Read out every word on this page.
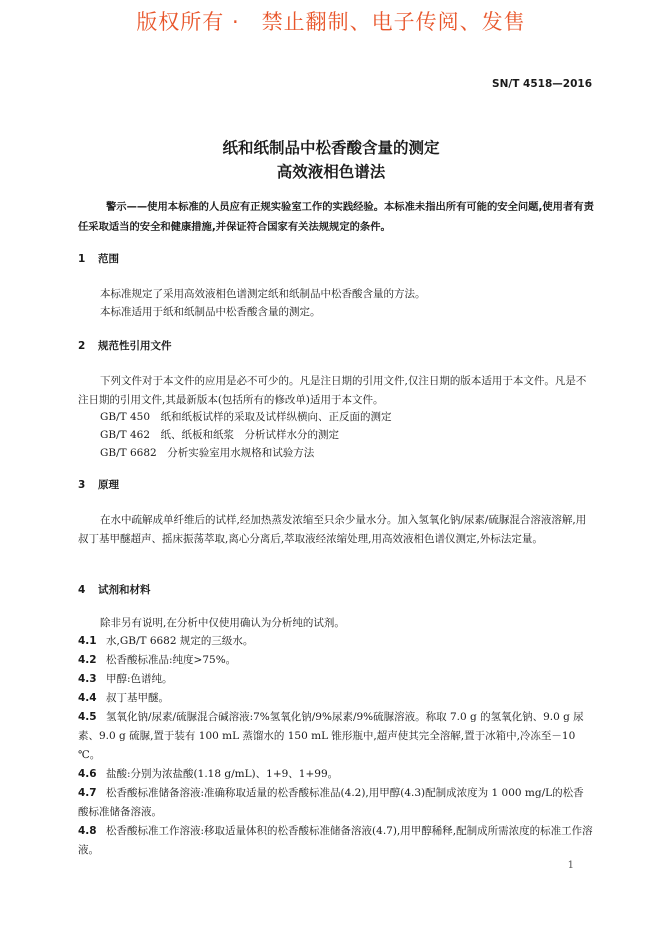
版权所有 ·　禁止翻制、电子传阅、发售
SN/T 4518—2016
纸和纸制品中松香酸含量的测定
高效液相色谱法
警示——使用本标准的人员应有正规实验室工作的实践经验。本标准未指出所有可能的安全问题,使用者有责任采取适当的安全和健康措施,并保证符合国家有关法规规定的条件。
1 范围
本标准规定了采用高效液相色谱测定纸和纸制品中松香酸含量的方法。
本标准适用于纸和纸制品中松香酸含量的测定。
2 规范性引用文件
下列文件对于本文件的应用是必不可少的。凡是注日期的引用文件,仅注日期的版本适用于本文件。凡是不注日期的引用文件,其最新版本(包括所有的修改单)适用于本文件。
GB/T 450　纸和纸板试样的采取及试样纵横向、正反面的测定
GB/T 462　纸、纸板和纸浆　分析试样水分的测定
GB/T 6682　分析实验室用水规格和试验方法
3 原理
在水中疏解成单纤维后的试样,经加热蒸发浓缩至只余少量水分。加入氢氧化钠/尿素/硫脲混合溶液溶解,用叔丁基甲醚超声、摇床振荡萃取,离心分离后,萃取液经浓缩处理,用高效液相色谱仪测定,外标法定量。
4 试剂和材料
除非另有说明,在分析中仅使用确认为分析纯的试剂。
4.1 水,GB/T 6682 规定的三级水。
4.2 松香酸标准品:纯度>75%。
4.3 甲醇:色谱纯。
4.4 叔丁基甲醚。
4.5 氢氧化钠/尿素/硫脲混合碱溶液:7%氢氧化钠/9%尿素/9%硫脲溶液。称取 7.0 g 的氢氧化钠、9.0 g 尿素、9.0 g 硫脲,置于装有 100 mL 蒸馏水的 150 mL 锥形瓶中,超声使其完全溶解,置于冰箱中,冷冻至－10 ℃。
4.6 盐酸:分别为浓盐酸(1.18 g/mL)、1+9、1+99。
4.7 松香酸标准储备溶液:准确称取适量的松香酸标准品(4.2),用甲醇(4.3)配制成浓度为 1 000 mg/L的松香酸标准储备溶液。
4.8 松香酸标准工作溶液:移取适量体积的松香酸标准储备溶液(4.7),用甲醇稀释,配制成所需浓度的标准工作溶液。
1
